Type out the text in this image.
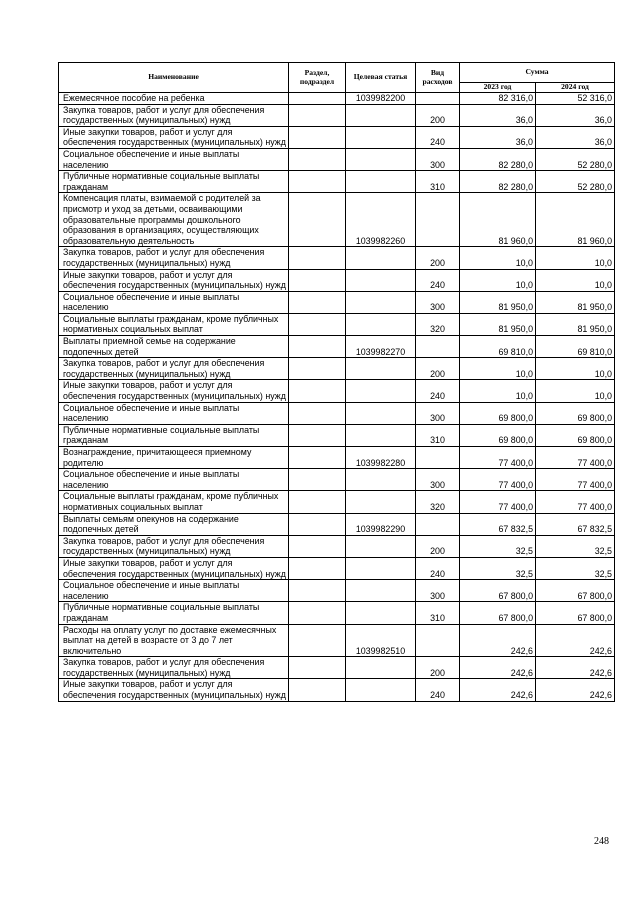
Наименование	Раздел, подраздел	Целевая статья	Вид расходов	Сумма	
				2023 год	2024 год
Ежемесячное пособие на ребенка		1039982200		82 316,0	52 316,0
Закупка товаров, работ и услуг для обеспечения государственных (муниципальных) нужд			200	36,0	36,0
Иные закупки товаров, работ и услуг для обеспечения государственных (муниципальных) нужд			240	36,0	36,0
Социальное обеспечение и иные выплаты населению			300	82 280,0	52 280,0
Публичные нормативные социальные выплаты гражданам			310	82 280,0	52 280,0
Компенсация платы, взимаемой с родителей за присмотр и уход за детьми, осваивающими образовательные программы дошкольного образования в организациях, осуществляющих образовательную деятельность		1039982260		81 960,0	81 960,0
Закупка товаров, работ и услуг для обеспечения государственных (муниципальных) нужд			200	10,0	10,0
Иные закупки товаров, работ и услуг для обеспечения государственных (муниципальных) нужд			240	10,0	10,0
Социальное обеспечение и иные выплаты населению			300	81 950,0	81 950,0
Социальные выплаты гражданам, кроме публичных нормативных социальных выплат			320	81 950,0	81 950,0
Выплаты приемной семье на содержание подопечных детей		1039982270		69 810,0	69 810,0
Закупка товаров, работ и услуг для обеспечения государственных (муниципальных) нужд			200	10,0	10,0
Иные закупки товаров, работ и услуг для обеспечения государственных (муниципальных) нужд			240	10,0	10,0
Социальное обеспечение и иные выплаты населению			300	69 800,0	69 800,0
Публичные нормативные социальные выплаты гражданам			310	69 800,0	69 800,0
Вознаграждение, причитающееся приемному родителю		1039982280		77 400,0	77 400,0
Социальное обеспечение и иные выплаты населению			300	77 400,0	77 400,0
Социальные выплаты гражданам, кроме публичных нормативных социальных выплат			320	77 400,0	77 400,0
Выплаты семьям опекунов на содержание подопечных детей		1039982290		67 832,5	67 832,5
Закупка товаров, работ и услуг для обеспечения государственных (муниципальных) нужд			200	32,5	32,5
Иные закупки товаров, работ и услуг для обеспечения государственных (муниципальных) нужд			240	32,5	32,5
Социальное обеспечение и иные выплаты населению			300	67 800,0	67 800,0
Публичные нормативные социальные выплаты гражданам			310	67 800,0	67 800,0
Расходы на оплату услуг по доставке ежемесячных выплат на детей в возрасте от 3 до 7 лет включительно		1039982510		242,6	242,6
Закупка товаров, работ и услуг для обеспечения государственных (муниципальных) нужд			200	242,6	242,6
Иные закупки товаров, работ и услуг для обеспечения государственных (муниципальных) нужд			240	242,6	242,6
248
